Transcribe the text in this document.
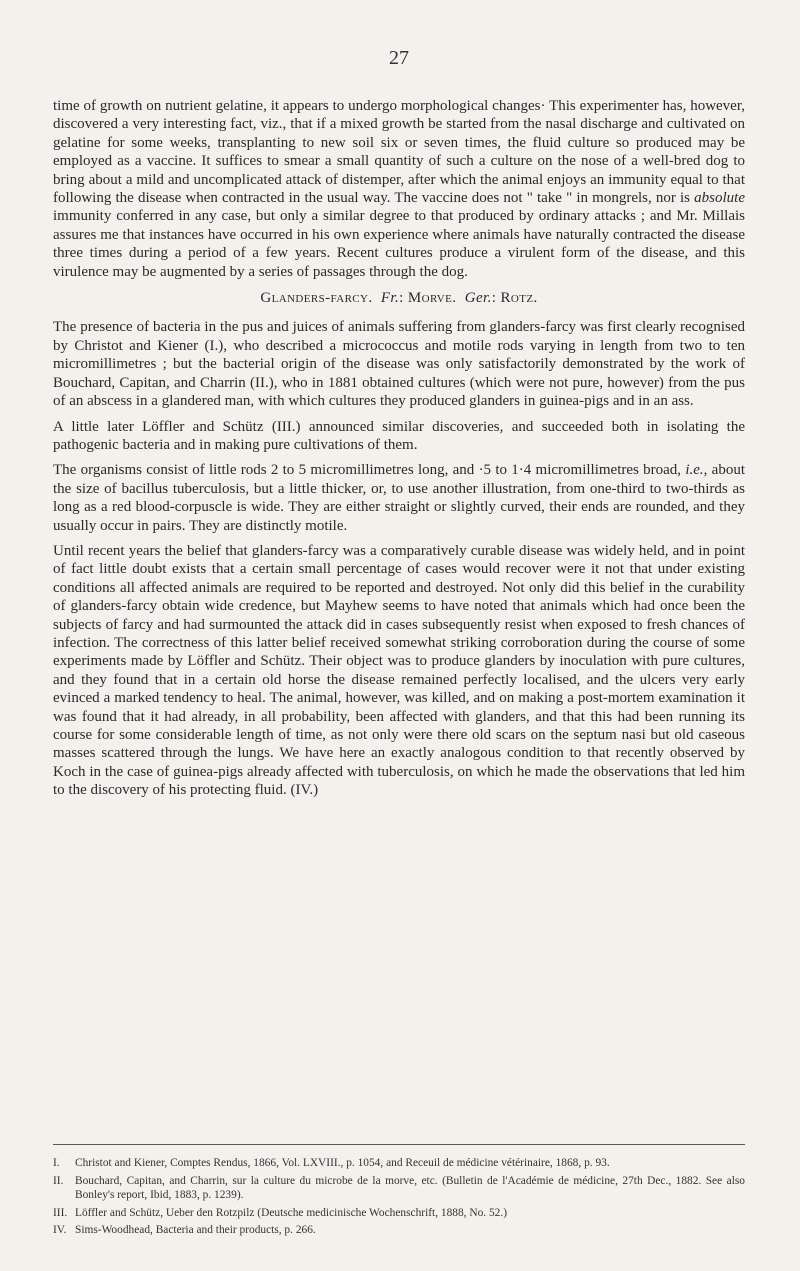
27

time of growth on nutrient gelatine, it appears to undergo morphological changes· This experimenter has, however, discovered a very interesting fact, viz., that if a mixed growth be started from the nasal discharge and cultivated on gelatine for some weeks, transplanting to new soil six or seven times, the fluid culture so produced may be employed as a vaccine. It suffices to smear a small quantity of such a culture on the nose of a well-bred dog to bring about a mild and uncomplicated attack of distemper, after which the animal enjoys an immunity equal to that following the disease when contracted in the usual way. The vaccine does not " take " in mongrels, nor is absolute immunity conferred in any case, but only a similar degree to that produced by ordinary attacks ; and Mr. Millais assures me that instances have occurred in his own experience where animals have naturally contracted the disease three times during a period of a few years. Recent cultures produce a virulent form of the disease, and this virulence may be augmented by a series of passages through the dog.

Glanders-farcy. Fr.: Morve. Ger.: Rotz.

The presence of bacteria in the pus and juices of animals suffering from glanders-farcy was first clearly recognised by Christot and Kiener (I.), who described a micrococcus and motile rods varying in length from two to ten micromillimetres ; but the bacterial origin of the disease was only satisfactorily demonstrated by the work of Bouchard, Capitan, and Charrin (II.), who in 1881 obtained cultures (which were not pure, however) from the pus of an abscess in a glandered man, with which cultures they produced glanders in guinea-pigs and in an ass.

A little later Löffler and Schütz (III.) announced similar discoveries, and succeeded both in isolating the pathogenic bacteria and in making pure cultivations of them.

The organisms consist of little rods 2 to 5 micromillimetres long, and ·5 to 1·4 micromillimetres broad, i.e., about the size of bacillus tuberculosis, but a little thicker, or, to use another illustration, from one-third to two-thirds as long as a red blood-corpuscle is wide. They are either straight or slightly curved, their ends are rounded, and they usually occur in pairs. They are distinctly motile.

Until recent years the belief that glanders-farcy was a comparatively curable disease was widely held, and in point of fact little doubt exists that a certain small percentage of cases would recover were it not that under existing conditions all affected animals are required to be reported and destroyed. Not only did this belief in the curability of glanders-farcy obtain wide credence, but Mayhew seems to have noted that animals which had once been the subjects of farcy and had surmounted the attack did in cases subsequently resist when exposed to fresh chances of infection. The correctness of this latter belief received somewhat striking corroboration during the course of some experiments made by Löffler and Schütz. Their object was to produce glanders by inoculation with pure cultures, and they found that in a certain old horse the disease remained perfectly localised, and the ulcers very early evinced a marked tendency to heal. The animal, however, was killed, and on making a post-mortem examination it was found that it had already, in all probability, been affected with glanders, and that this had been running its course for some considerable length of time, as not only were there old scars on the septum nasi but old caseous masses scattered through the lungs. We have here an exactly analogous condition to that recently observed by Koch in the case of guinea-pigs already affected with tuberculosis, on which he made the observations that led him to the discovery of his protecting fluid. (IV.)

I. Christot and Kiener, Comptes Rendus, 1866, Vol. LXVIII., p. 1054, and Receuil de médicine vétérinaire, 1868, p. 93.
II. Bouchard, Capitan, and Charrin, sur la culture du microbe de la morve, etc. (Bulletin de l'Académie de médicine, 27th Dec., 1882. See also Bonley's report, Ibid, 1883, p. 1239).
III. Löffler and Schütz, Ueber den Rotzpilz (Deutsche medicinische Wochenschrift, 1888, No. 52.)
IV. Sims-Woodhead, Bacteria and their products, p. 266.
